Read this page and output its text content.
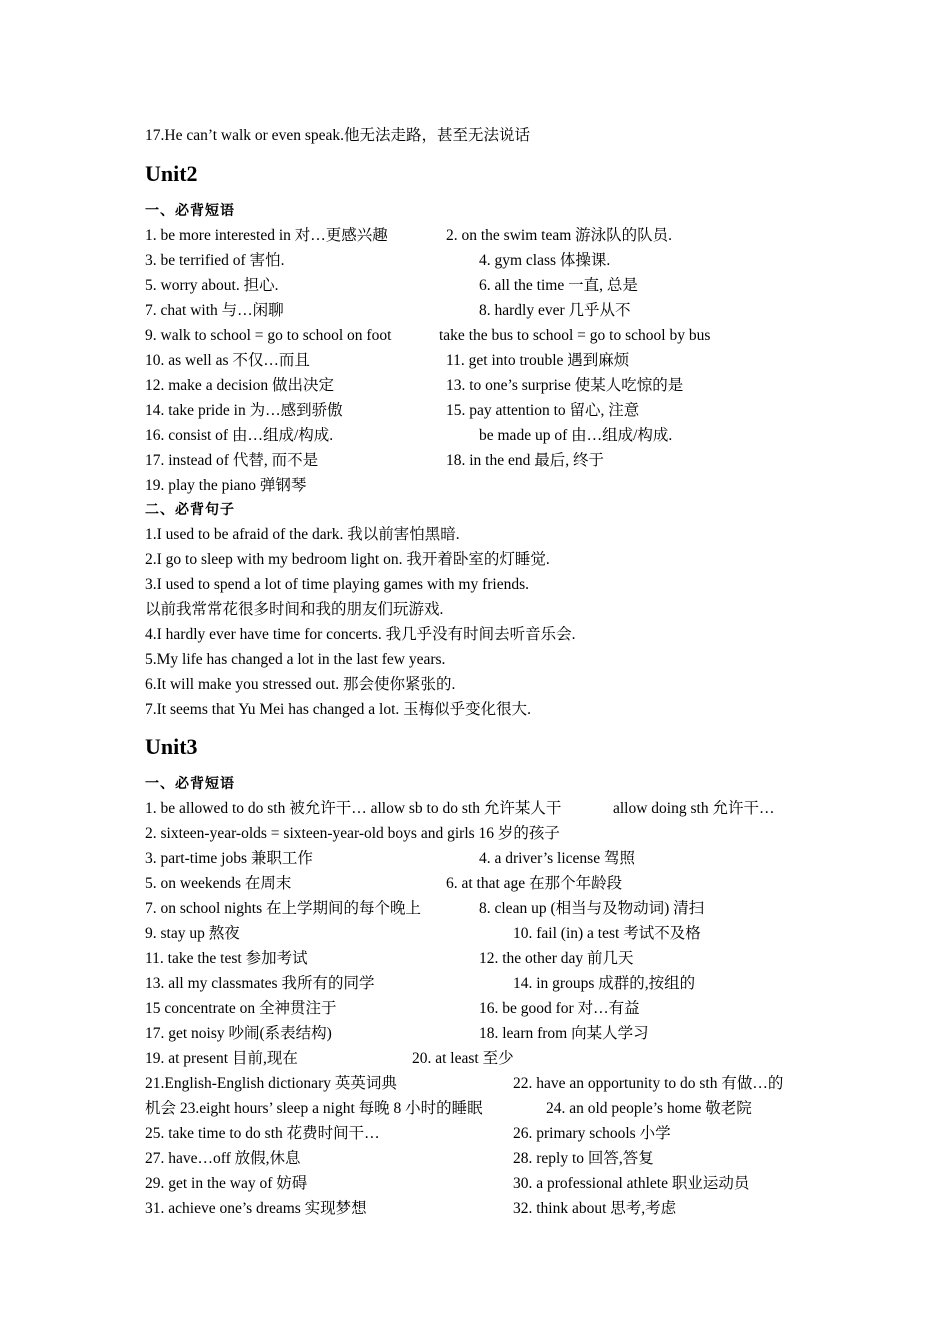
17.He can’t walk or even speak.他无法走路，甚至无法说话
Unit2
一、必背短语
1. be more interested in 对…更感兴趣	2. on the swim team 游泳队的队员.
3. be terrified of 害怕.	4. gym class 体操课.
5. worry about. 担心.	6. all the time 一直, 总是
7. chat with 与…闲聊	8. hardly ever 几乎从不
9. walk to school = go to school on foot	take the bus to school = go to school by bus
10. as well as 不仅…而且	11. get into trouble 遇到麻烦
12. make a decision 做出决定	13. to one’s surprise 使某人吃惊的是
14. take pride in 为…感到骄傲	15. pay attention to 留心, 注意
16. consist of 由…组成/构成.	be made up of 由…组成/构成.
17. instead of 代替, 而不是	18. in the end 最后, 终于
19. play the piano 弹钢琴
二、必背句子
1.I used to be afraid of the dark. 我以前害怕黑暗.
2.I go to sleep with my bedroom light on. 我开着卧室的灯睡觉.
3.I used to spend a lot of time playing games with my friends.
以前我常常花很多时间和我的朋友们玩游戏.
4.I hardly ever have time for concerts. 我几乎没有时间去听音乐会.
5.My life has changed a lot in the last few years.
6.It will make you stressed out. 那会使你紧张的.
7.It seems that Yu Mei has changed a lot. 玉梅似乎变化很大.
Unit3
一、必背短语
1. be allowed to do sth 被允许干… allow sb to do sth 允许某人干	allow doing sth 允许干…
2. sixteen-year-olds = sixteen-year-old boys and girls 16 岁的孩子
3. part-time jobs 兼职工作	4. a driver’s license 驾照
5. on weekends 在周末	6. at that age 在那个年龄段
7. on school nights 在上学期间的每个晚上	8. clean up (相当与及物动词) 清扫
9. stay up 熬夜	10. fail (in) a test 考试不及格
11. take the test 参加考试	12. the other day 前几天
13. all my classmates 我所有的同学	14. in groups 成群的,按组的
15 concentrate on 全神贯注于	16. be good for 对…有益
17. get noisy 吵闹(系表结构)	18. learn from 向某人学习
19. at present 目前,现在	20. at least 至少
21.English-English dictionary 英英词典	22. have an opportunity to do sth 有做…的
机会 23.eight hours’ sleep a night 每晚 8 小时的睡眠	24. an old people’s home 敬老院
25. take time to do sth 花费时间干…	26. primary schools 小学
27. have…off 放假,休息	28. reply to 回答,答复
29. get in the way of 妨碍	30. a professional athlete 职业运动员
31. achieve one’s dreams 实现梦想	32. think about 思考,考虑
